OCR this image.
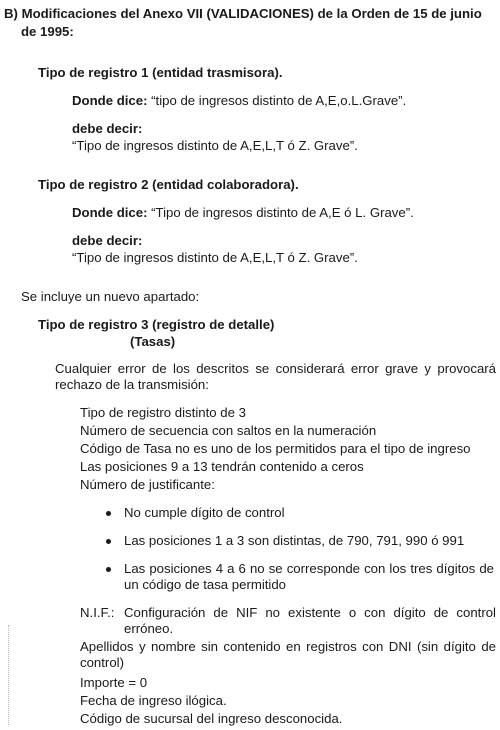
B) Modificaciones del Anexo VII (VALIDACIONES) de la Orden de 15 de junio
de 1995:
Tipo de registro 1 (entidad trasmisora).
Donde dice: “tipo de ingresos distinto de A,E,o.L.Grave”.
debe decir:
“Tipo de ingresos distinto de A,E,L,T ó Z. Grave”.
Tipo de registro 2 (entidad colaboradora).
Donde dice: “Tipo de ingresos distinto de A,E ó L. Grave”.
debe decir:
“Tipo de ingresos distinto de A,E,L,T ó Z. Grave”.
Se incluye un nuevo apartado:
Tipo de registro 3 (registro de detalle)
(Tasas)
Cualquier error de los descritos se considerará error grave y provocará rechazo de la transmisión:
Tipo de registro distinto de 3
Número de secuencia con saltos en la numeración
Código de Tasa no es uno de los permitidos para el tipo de ingreso
Las posiciones 9 a 13 tendrán contenido a ceros
Número de justificante:
No cumple dígito de control
Las posiciones 1 a 3 son distintas, de 790, 791, 990 ó 991
Las posiciones 4 a 6 no se corresponde con los tres dígitos de un código de tasa permitido
N.I.F.: Configuración de NIF no existente o con dígito de control erróneo.
Apellidos y nombre sin contenido en registros con DNI (sin dígito de control)
Importe = 0
Fecha de ingreso ilógica.
Código de sucursal del ingreso desconocida.
